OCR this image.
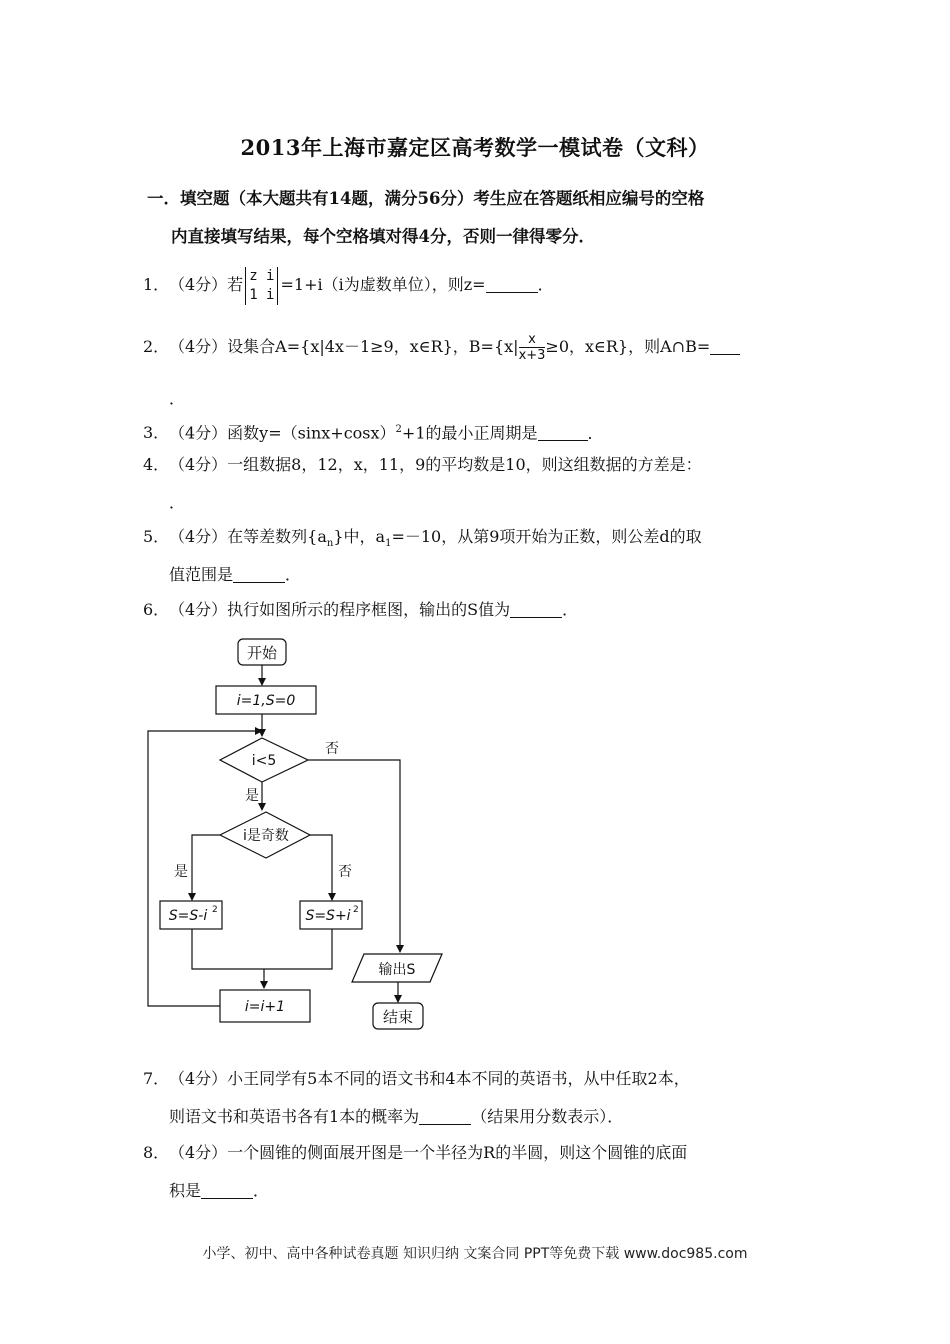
2013年上海市嘉定区高考数学一模试卷（文科）
一．填空题（本大题共有14题，满分56分）考生应在答题纸相应编号的空格
内直接填写结果，每个空格填对得4分，否则一律得零分．
1．（4分）若 z i
1 i=1+i（i为虚数单位），则z=	．
2．（4分）设集合A={x|4x－1≥9，x∈R}，$B=\{x| \frac{x}{x+3} \ge 0$，x∈R}，则A∩B=
．
3．（4分）函数$y=(\sin x+\cos x)^2+1$的最小正周期是	．
4．（4分）一组数据8，12，x，11，9的平均数是10，则这组数据的方差是：
．
5．（4分）在等差数列$\{a_n\}$中，$a_1=-10$，从第9项开始为正数，则公差d的取
值范围是	．
6．（4分）执行如图所示的程序框图，输出的S值为	．
开始
i=1,S=0
i<5
否
是
i是奇数
是	否
S=S-i 2	S=S+i 2
i=i+1
输出S
结束
7．（4分）小王同学有5本不同的语文书和4本不同的英语书，从中任取2本，
则语文书和英语书各有1本的概率为	（结果用分数表示）．
8．（4分）一个圆锥的侧面展开图是一个半径为R的半圆，则这个圆锥的底面
积是	．
小学、初中、高中各种试卷真题 知识归纳 文案合同 PPT等免费下载 www.doc985.com
